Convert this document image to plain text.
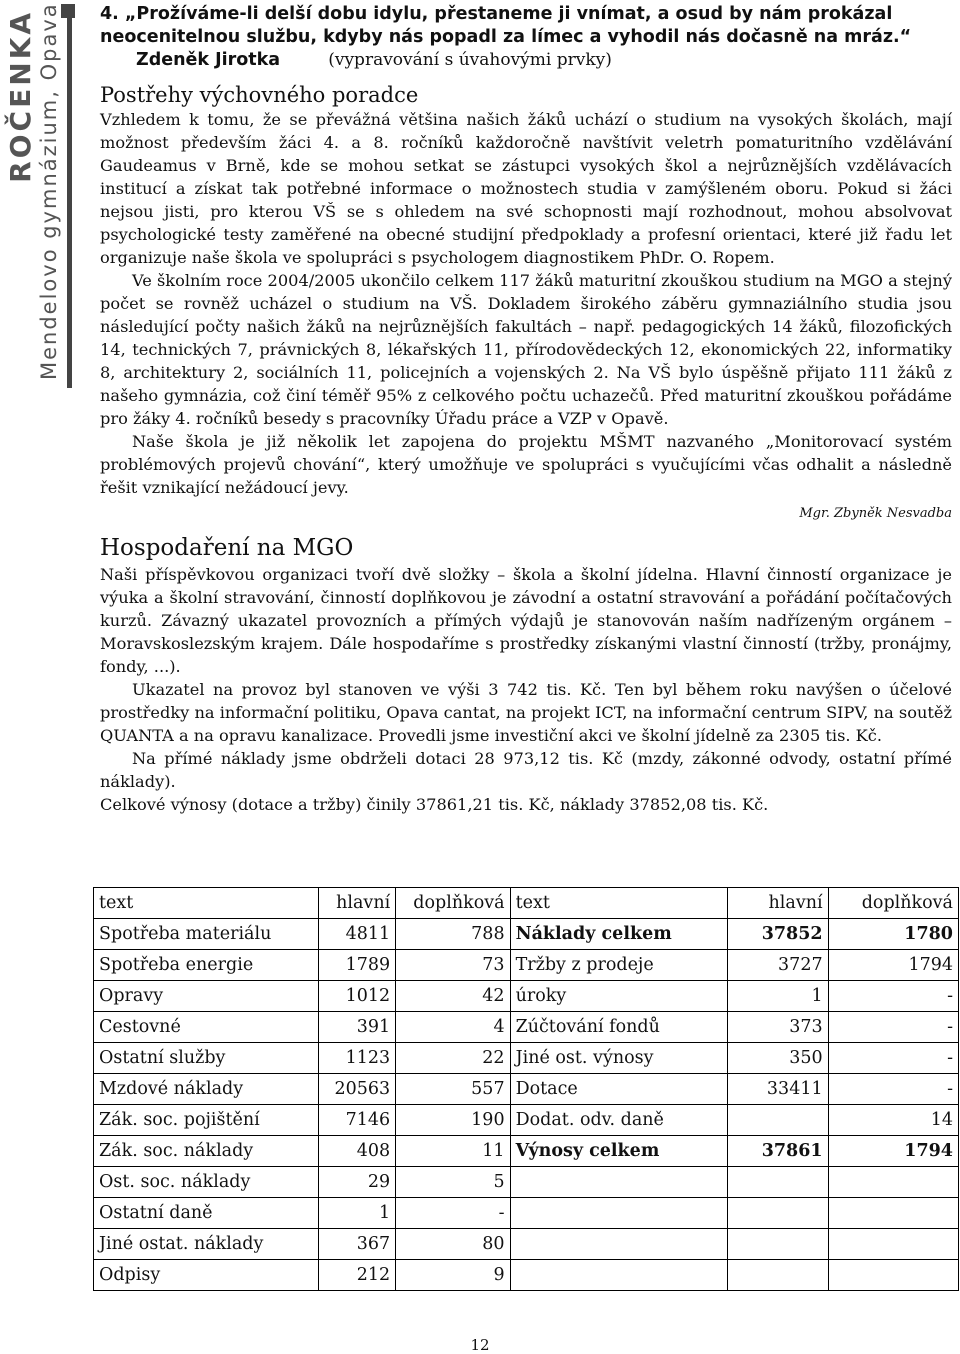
ROČENKA Mendelovo gymnázium, Opava 4. „Prožíváme-li delší dobu idylu, přestaneme ji vnímat, a osud by nám prokázal neocenitelnou službu, kdyby nás popadl za límec a vyhodil nás dočasně na mráz.“ Zdeněk Jirotka	(vypravování s úvahovými prvky)
Postřehy výchovného poradce

Vzhledem k tomu, že se převážná většina našich žáků uchází o studium na vysokých školách, mají možnost především žáci 4. a 8. ročníků každoročně navštívit veletrh pomaturitního vzdělávání Gaudeamus v Brně, kde se mohou setkat se zástupci vysokých škol a nejrůznějších vzdělávacích institucí a získat tak potřebné informace o možnostech studia v zamýšleném oboru. Pokud si žáci nejsou jisti, pro kterou VŠ se s ohledem na své schopnosti mají rozhodnout, mohou absolvovat psychologické testy zaměřené na obecné studijní předpoklady a profesní orientaci, které již řadu let organizuje naše škola ve spolupráci s psychologem diagnostikem PhDr. O. Ropem.

Ve školním roce 2004/2005 ukončilo celkem 117 žáků maturitní zkouškou studium na MGO a stejný počet se rovněž ucházel o studium na VŠ. Dokladem širokého záběru gymnaziálního studia jsou následující počty našich žáků na nejrůznějších fakultách – např. pedagogických 14 žáků, filozofických 14, technických 7, právnických 8, lékařských 11, přírodovědeckých 12, ekonomických 22, informatiky 8, architektury 2, sociálních 11, policejních a vojenských 2. Na VŠ bylo úspěšně přijato 111 žáků z našeho gymnázia, což činí téměř 95% z celkového počtu uchazečů. Před maturitní zkouškou pořádáme pro žáky 4. ročníků besedy s pracovníky Úřadu práce a VZP v Opavě.

Naše škola je již několik let zapojena do projektu MŠMT nazvaného „Monitorovací systém problémových projevů chování“, který umožňuje ve spolupráci s vyučujícími včas odhalit a následně řešit vznikající nežádoucí jevy.

Mgr. Zbyněk Nesvadba
Hospodaření na MGO

Naši příspěvkovou organizaci tvoří dvě složky – škola a školní jídelna. Hlavní činností organizace je výuka a školní stravování, činností doplňkovou je závodní a ostatní stravování a pořádání počítačových kurzů. Závazný ukazatel provozních a přímých výdajů je stanovován naším nadřízeným orgánem – Moravskoslezským krajem. Dále hospodaříme s prostředky získanými vlastní činností (tržby, pronájmy, fondy, ...).

Ukazatel na provoz byl stanoven ve výši 3 742 tis. Kč. Ten byl během roku navýšen o účelové prostředky na informační politiku, Opava cantat, na projekt ICT, na informační centrum SIPV, na soutěž QUANTA a na opravu kanalizace. Provedli jsme investiční akci ve školní jídelně za 2305 tis. Kč.

Na přímé náklady jsme obdrželi dotaci 28 973,12 tis. Kč (mzdy, zákonné odvody, ostatní přímé náklady).

Celkové výnosy (dotace a tržby) činily 37861,21 tis. Kč, náklady 37852,08 tis. Kč.

text	hlavní	doplňková	text	hlavní	doplňková
Spotřeba materiálu	4811	788	Náklady celkem	37852	1780
Spotřeba energie	1789	73	Tržby z prodeje	3727	1794
Opravy	1012	42	úroky	1	-
Cestovné	391	4	Zúčtování fondů	373	-
Ostatní služby	1123	22	Jiné ost. výnosy	350	-
Mzdové náklady	20563	557	Dotace	33411	-
Zák. soc. pojištění	7146	190	Dodat. odv. daně		14
Zák. soc. náklady	408	11	Výnosy celkem	37861	1794
Ost. soc. náklady	29	5			
Ostatní daně	1	-			
Jiné ostat. náklady	367	80			
Odpisy	212	9			
12
